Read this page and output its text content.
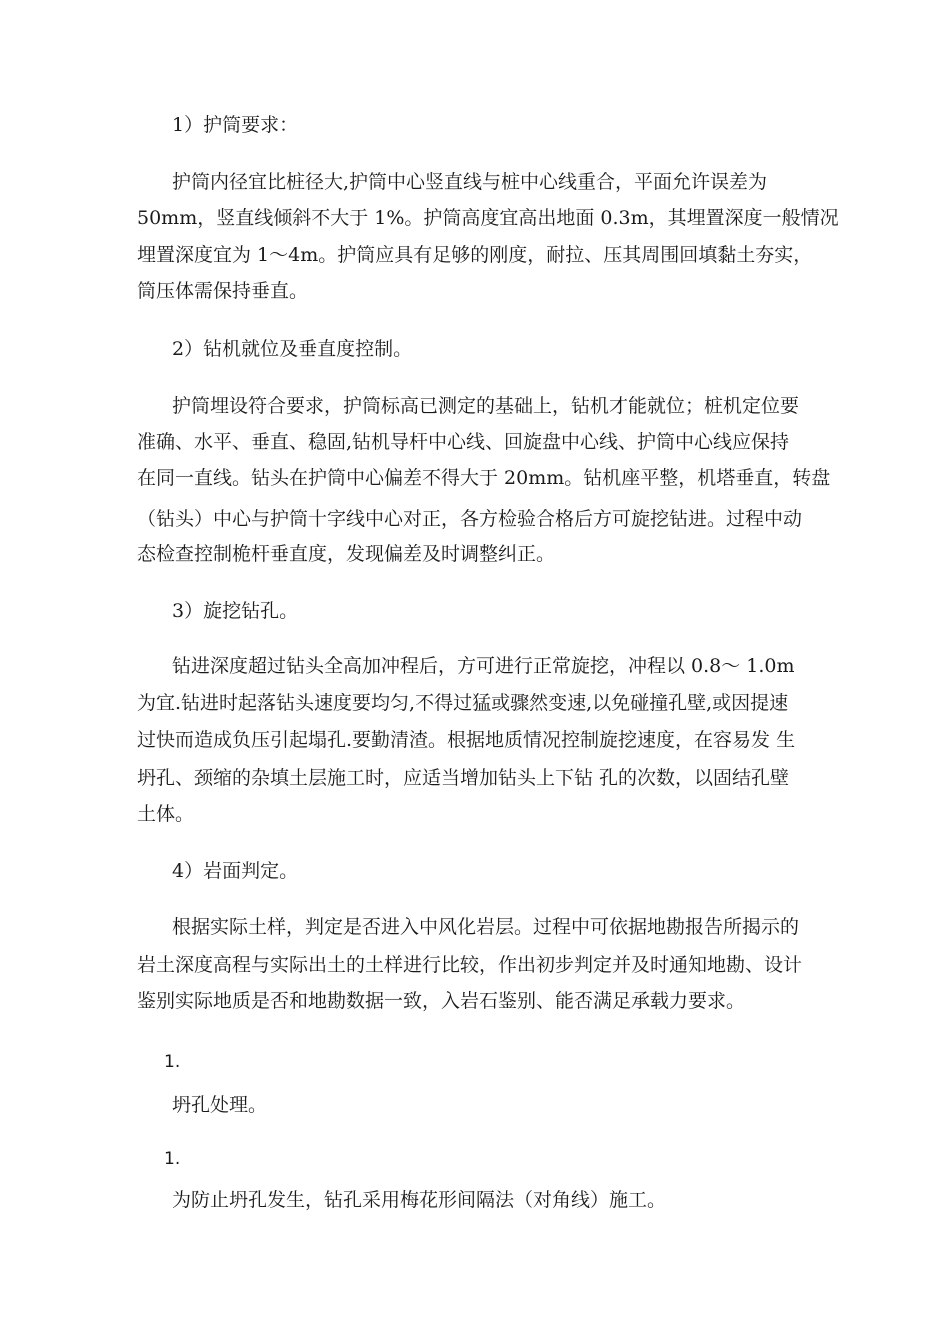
1）护筒要求：
护筒内径宜比桩径大,护筒中心竖直线与桩中心线重合，平面允许误差为
50mm，竖直线倾斜不大于 1%。护筒高度宜高出地面 0.3m，其埋置深度一般情况
埋置深度宜为 1～4m。护筒应具有足够的刚度，耐拉、压其周围回填黏土夯实，
筒压体需保持垂直。
2）钻机就位及垂直度控制。
护筒埋设符合要求，护筒标高已测定的基础上，钻机才能就位；桩机定位要
准确、水平、垂直、稳固,钻机导杆中心线、回旋盘中心线、护筒中心线应保持
在同一直线。钻头在护筒中心偏差不得大于 20mm。钻机座平整，机塔垂直，转盘
（钻头）中心与护筒十字线中心对正，各方检验合格后方可旋挖钻进。过程中动
态检查控制桅杆垂直度，发现偏差及时调整纠正。
3）旋挖钻孔。
钻进深度超过钻头全高加冲程后，方可进行正常旋挖，冲程以 0.8～ 1.0m
为宜.钻进时起落钻头速度要均匀,不得过猛或骤然变速,以免碰撞孔壁,或因提速
过快而造成负压引起塌孔.要勤清渣。根据地质情况控制旋挖速度，在容易发 生
坍孔、颈缩的杂填土层施工时，应适当增加钻头上下钻 孔的次数，以固结孔壁
土体。
4）岩面判定。
根据实际土样，判定是否进入中风化岩层。过程中可依据地勘报告所揭示的
岩土深度高程与实际出土的土样进行比较，作出初步判定并及时通知地勘、设计
鉴别实际地质是否和地勘数据一致，入岩石鉴别、能否满足承载力要求。
1.
坍孔处理。
1.
为防止坍孔发生，钻孔采用梅花形间隔法（对角线）施工。
